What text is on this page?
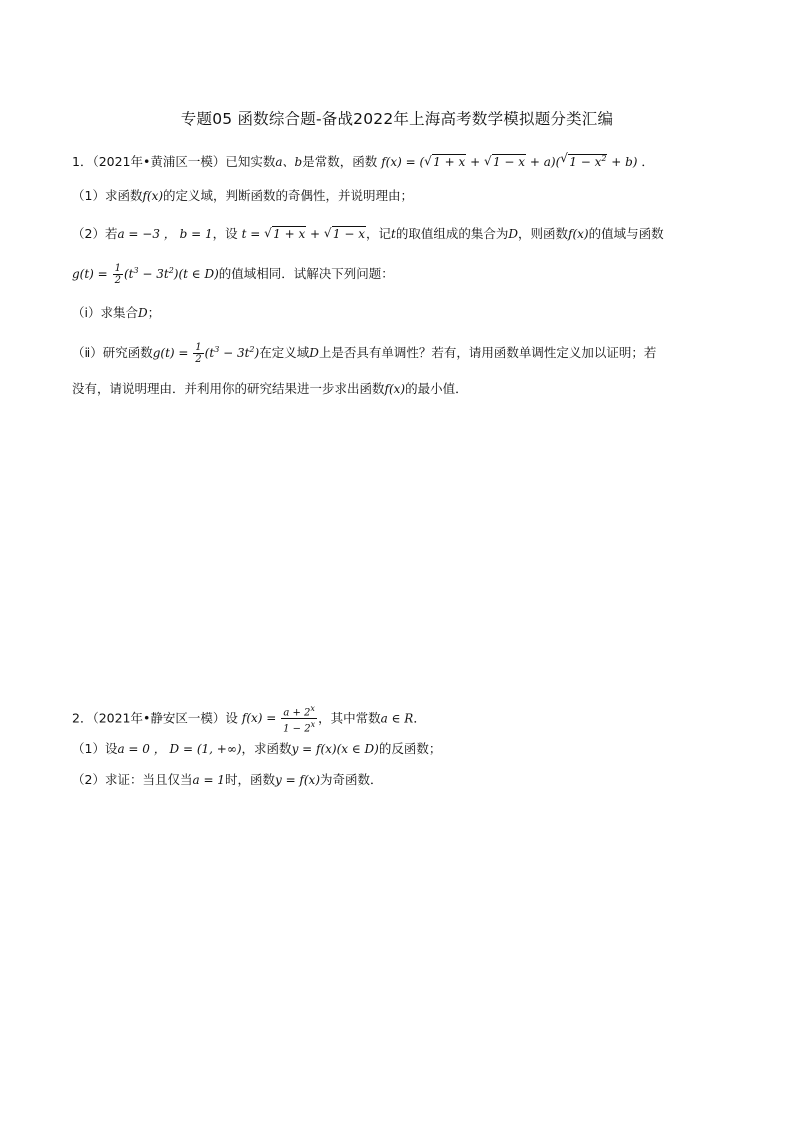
专题05 函数综合题-备战2022年上海高考数学模拟题分类汇编
1．（2021年•黄浦区一模）已知实数a、b是常数，函数 f(x) = ( √ 1 + x + √ 1 − x + a)( √ $1 - x^2 + b$) ．
（1）求函数f(x)的定义域，判断函数的奇偶性，并说明理由；
（2）若a = −3 ， b = 1，设 t = √ 1 + x + √ 1 − x，记t的取值组成的集合为D，则函数f(x)的值域与函数
$g(t) = \frac{1}{2} (t^3 - 3t^2)(t$ ∈ D)的值域相同．试解决下列问题：
（ⅰ）求集合D；
（ⅱ）研究函数$g(t) = \frac{1}{2} (t^3 - 3t^2)$在定义域D上是否具有单调性？若有，请用函数单调性定义加以证明；若
没有，请说明理由．并利用你的研究结果进一步求出函数f(x)的最小值．
2．（2021年•静安区一模）设 $f(x) = \frac{a + 2^x}{1 - 2^x}$ ，其中常数a ∈ R．
（1）设a = 0 ， D = (1, +∞)，求函数y = f(x)(x ∈ D)的反函数；
（2）求证：当且仅当a = 1时，函数y = f(x)为奇函数．
